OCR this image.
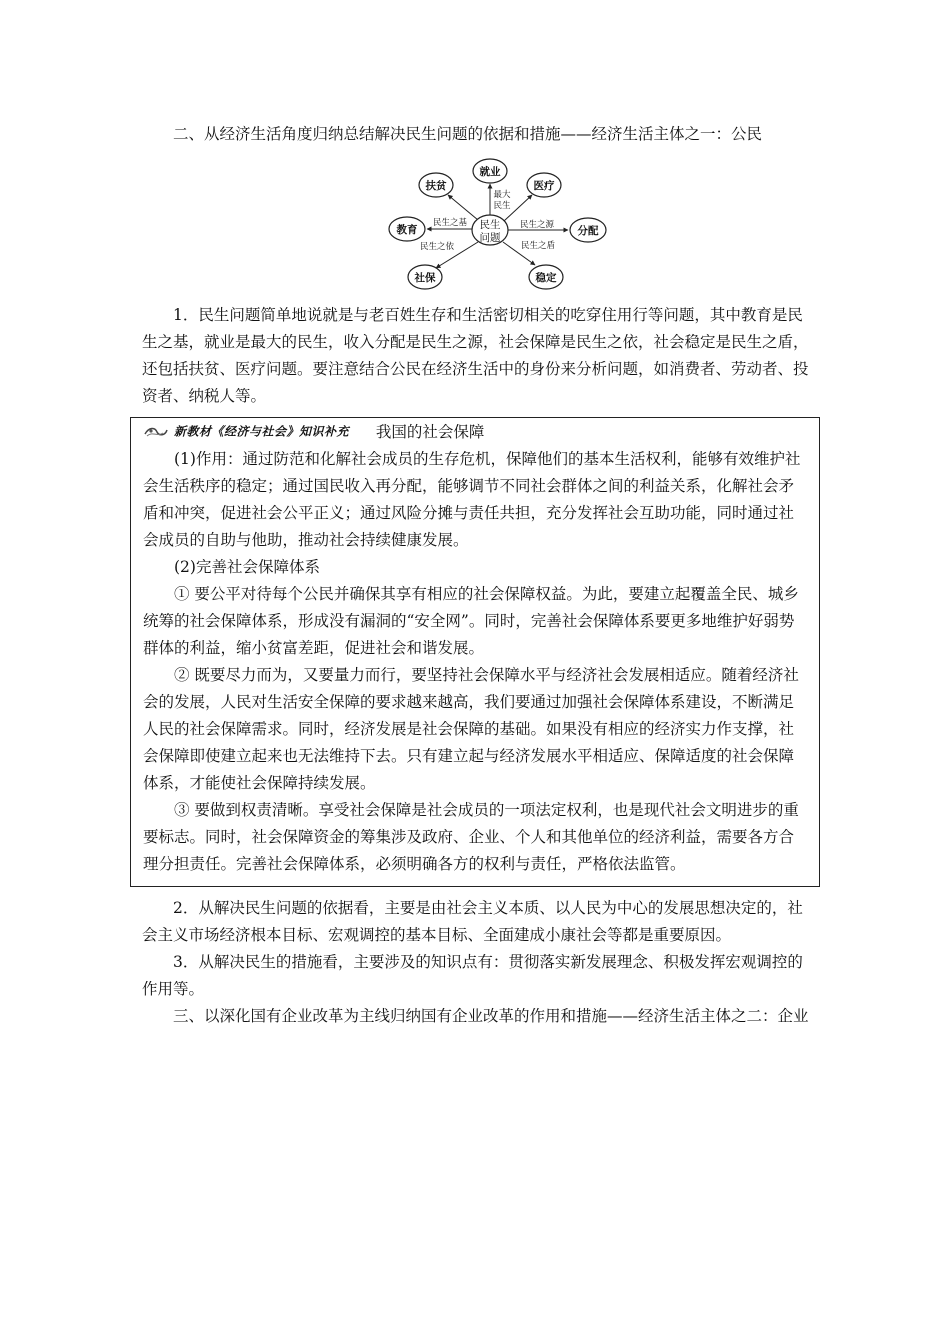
二、从经济生活角度归纳总结解决民生问题的依据和措施——经济生活主体之一：公民

民生
问题
就业
扶贫	医疗
教育	分配
社保	稳定
最大
民生
民生之基	民生之源
民生之依	民生之盾

1．民生问题简单地说就是与老百姓生存和生活密切相关的吃穿住用行等问题，其中教育是民生之基，就业是最大的民生，收入分配是民生之源，社会保障是民生之依，社会稳定是民生之盾，还包括扶贫、医疗问题。要注意结合公民在经济生活中的身份来分析问题，如消费者、劳动者、投资者、纳税人等。

新教材《经济与社会》知识补充 我国的社会保障

(1)作用：通过防范和化解社会成员的生存危机，保障他们的基本生活权利，能够有效维护社会生活秩序的稳定；通过国民收入再分配，能够调节不同社会群体之间的利益关系，化解社会矛盾和冲突，促进社会公平正义；通过风险分摊与责任共担，充分发挥社会互助功能，同时通过社会成员的自助与他助，推动社会持续健康发展。

(2)完善社会保障体系

① 要公平对待每个公民并确保其享有相应的社会保障权益。为此，要建立起覆盖全民、城乡统筹的社会保障体系，形成没有漏洞的“安全网”。同时，完善社会保障体系要更多地维护好弱势群体的利益，缩小贫富差距，促进社会和谐发展。

② 既要尽力而为，又要量力而行，要坚持社会保障水平与经济社会发展相适应。随着经济社会的发展，人民对生活安全保障的要求越来越高，我们要通过加强社会保障体系建设，不断满足人民的社会保障需求。同时，经济发展是社会保障的基础。如果没有相应的经济实力作支撑，社会保障即使建立起来也无法维持下去。只有建立起与经济发展水平相适应、保障适度的社会保障体系，才能使社会保障持续发展。

③ 要做到权责清晰。享受社会保障是社会成员的一项法定权利，也是现代社会文明进步的重要标志。同时，社会保障资金的筹集涉及政府、企业、个人和其他单位的经济利益，需要各方合理分担责任。完善社会保障体系，必须明确各方的权利与责任，严格依法监管。

2．从解决民生问题的依据看，主要是由社会主义本质、以人民为中心的发展思想决定的，社会主义市场经济根本目标、宏观调控的基本目标、全面建成小康社会等都是重要原因。

3．从解决民生的措施看，主要涉及的知识点有：贯彻落实新发展理念、积极发挥宏观调控的作用等。

三、以深化国有企业改革为主线归纳国有企业改革的作用和措施——经济生活主体之二：企业
